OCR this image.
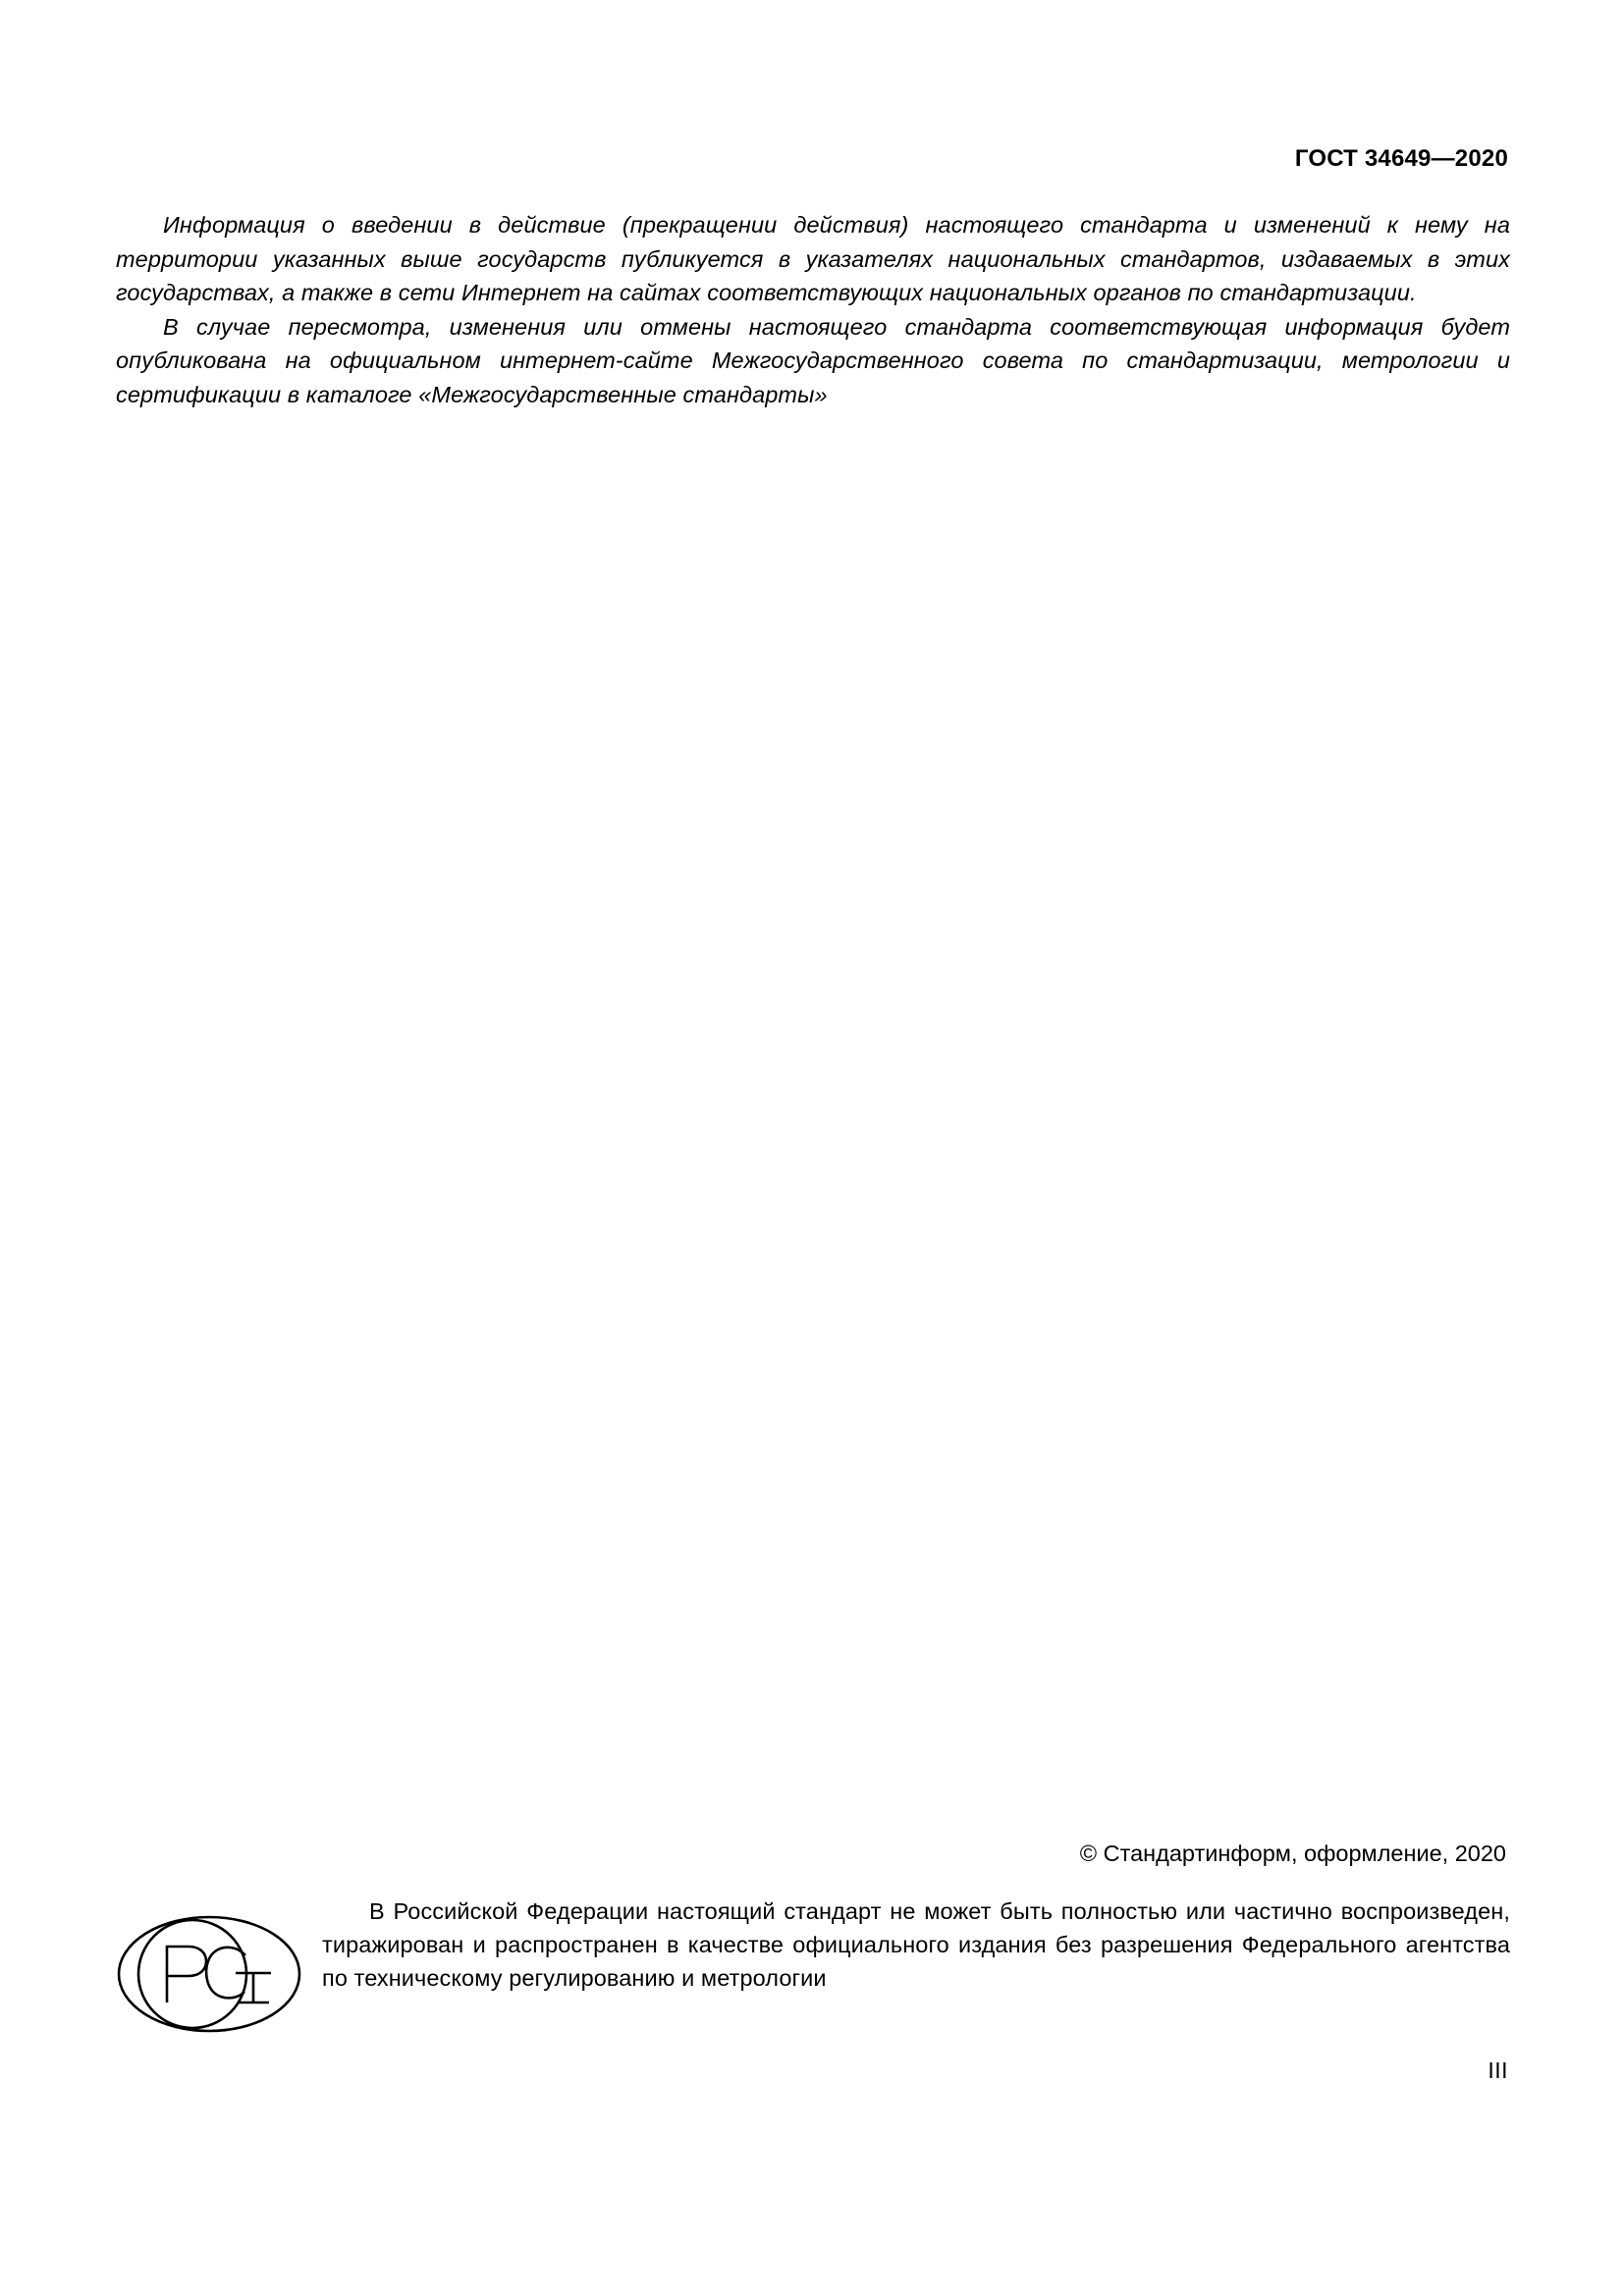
ГОСТ 34649—2020

Информация о введении в действие (прекращении действия) настоящего стандарта и изменений к нему на территории указанных выше государств публикуется в указателях национальных стандартов, издаваемых в этих государствах, а также в сети Интернет на сайтах соответствующих национальных органов по стандартизации.

В случае пересмотра, изменения или отмены настоящего стандарта соответствующая информация будет опубликована на официальном интернет-сайте Межгосударственного совета по стандартизации, метрологии и сертификации в каталоге «Межгосударственные стандарты»

© Стандартинформ, оформление, 2020

В Российской Федерации настоящий стандарт не может быть полностью или частично воспроизведен, тиражирован и распространен в качестве официального издания без разрешения Федерального агентства по техническому регулированию и метрологии

III
